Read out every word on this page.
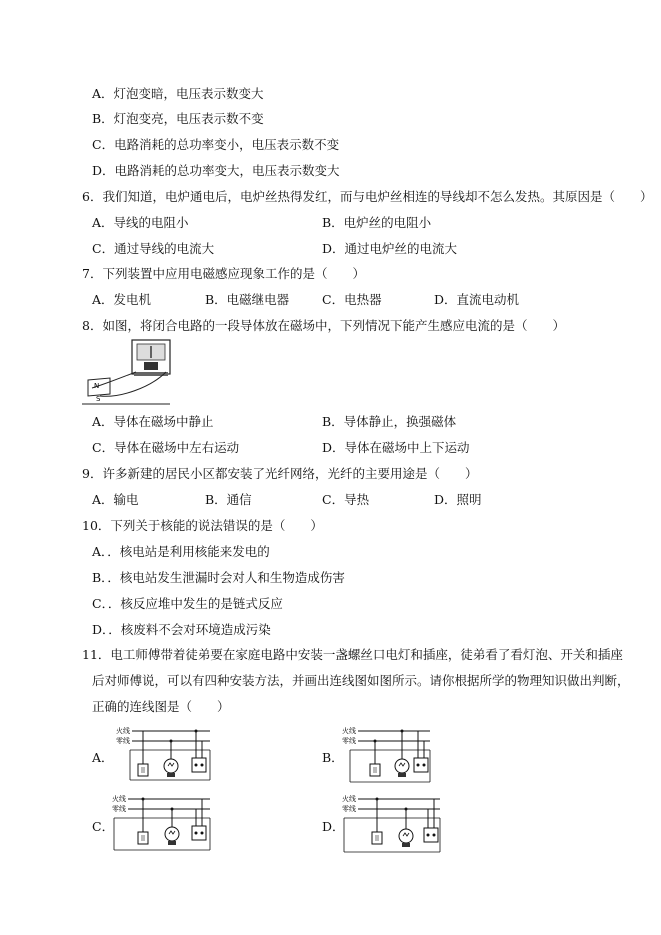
A．灯泡变暗，电压表示数变大
B．灯泡变亮，电压表示数不变
C．电路消耗的总功率变小，电压表示数不变
D．电路消耗的总功率变大，电压表示数变大
6．我们知道，电炉通电后，电炉丝热得发红，而与电炉丝相连的导线却不怎么发热。其原因是（　　）
A．导线的电阻小	B．电炉丝的电阻小
C．通过导线的电流大	D．通过电炉丝的电流大
7．下列装置中应用电磁感应现象工作的是（　　）
A．发电机	B．电磁继电器	C．电热器	D．直流电动机
8．如图，将闭合电路的一段导体放在磁场中，下列情况下能产生感应电流的是（　　）
N
S
A．导体在磁场中静止	B．导体静止，换强磁体
C．导体在磁场中左右运动	D．导体在磁场中上下运动
9．许多新建的居民小区都安装了光纤网络，光纤的主要用途是（　　）
A．输电	B．通信	C．导热	D．照明
10．下列关于核能的说法错误的是（　　）
A．．核电站是利用核能来发电的
B．．核电站发生泄漏时会对人和生物造成伤害
C．．核反应堆中发生的是链式反应
D．．核废料不会对环境造成污染
11．电工师傅带着徒弟要在家庭电路中安装一盏螺丝口电灯和插座，徒弟看了看灯泡、开关和插座
后对师傅说，可以有四种安装方法，并画出连线图如图所示。请你根据所学的物理知识做出判断，
正确的连线图是（　　）
A．
火线
零线
B．
火线
零线
C．
火线
零线
D．
火线
零线
